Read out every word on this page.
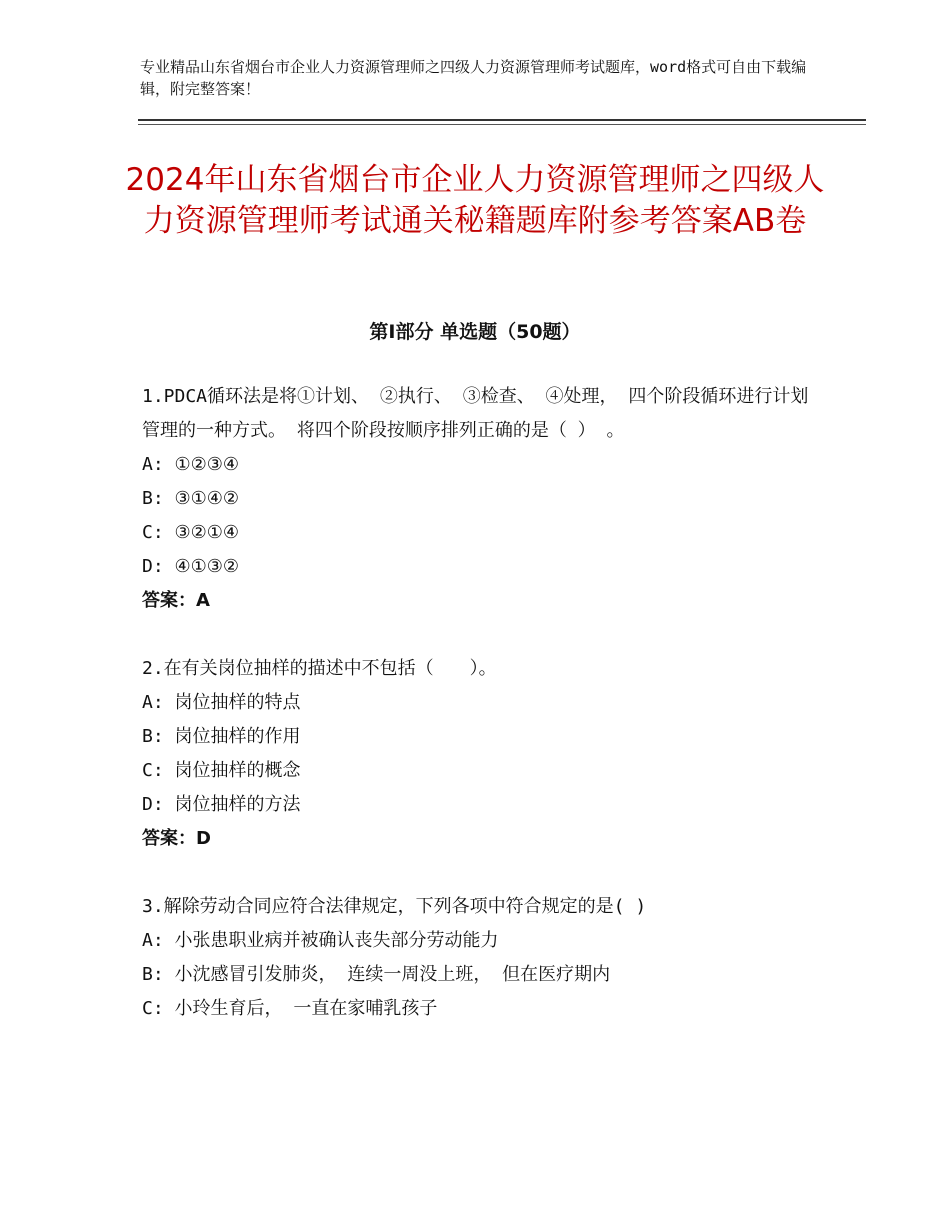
专业精品山东省烟台市企业人力资源管理师之四级人力资源管理师考试题库，word格式可自由下载编辑，附完整答案！
2024年山东省烟台市企业人力资源管理师之四级人力资源管理师考试通关秘籍题库附参考答案AB卷
第Ⅰ部分 单选题（50题）

1.PDCA循环法是将①计划、 ②执行、 ③检查、 ④处理， 四个阶段循环进行计划管理的一种方式。 将四个阶段按顺序排列正确的是（ ） 。

A: ①②③④

B: ③①④②

C: ③②①④

D: ④①③②

答案：A

2.在有关岗位抽样的描述中不包括（　　）。

A: 岗位抽样的特点

B: 岗位抽样的作用

C: 岗位抽样的概念

D: 岗位抽样的方法

答案：D

3.解除劳动合同应符合法律规定，下列各项中符合规定的是( )

A: 小张患职业病并被确认丧失部分劳动能力

B: 小沈感冒引发肺炎， 连续一周没上班， 但在医疗期内

C: 小玲生育后， 一直在家哺乳孩子
